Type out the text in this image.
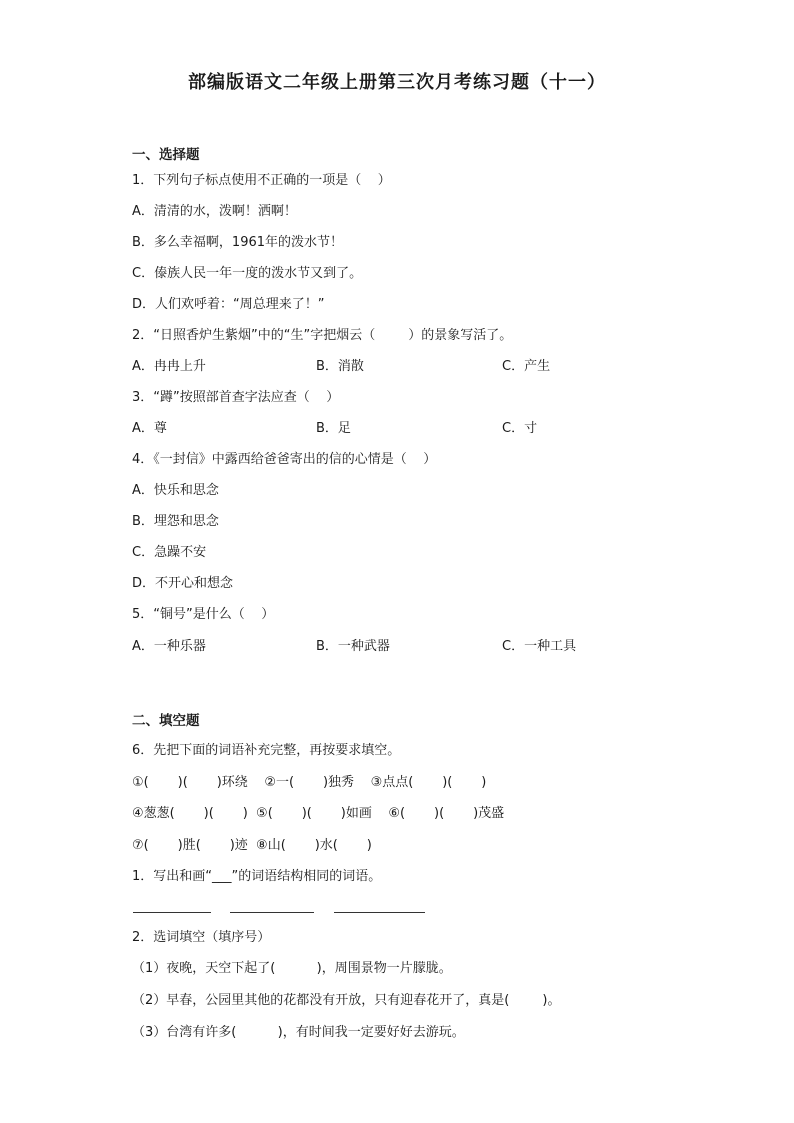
部编版语文二年级上册第三次月考练习题（十一）
一、选择题
1．下列句子标点使用不正确的一项是（    ）
A．清清的水，泼啊！洒啊！
B．多么幸福啊，1961年的泼水节！
C．傣族人民一年一度的泼水节又到了。
D．人们欢呼着：“周总理来了！”
2．“日照香炉生紫烟”中的“生”字把烟云（        ）的景象写活了。
A．冉冉上升	B．消散	C．产生
3．“蹲”按照部首查字法应查（    ）
A．尊	B．足	C．寸
4．《一封信》中露西给爸爸寄出的信的心情是（    ）
A．快乐和思念
B．埋怨和思念
C．急躁不安
D．不开心和想念
5．“铜号”是什么（    ）
A．一种乐器	B．一种武器	C．一种工具
二、填空题
6．先把下面的词语补充完整，再按要求填空。
①(       )(       )环绕    ②一(       )独秀    ③点点(       )(       )
④葱葱(       )(       )  ⑤(       )(       )如画    ⑥(       )(       )茂盛
⑦(       )胜(       )迹  ⑧山(       )水(       )
1．写出和画“___”的词语结构相同的词语。
2．选词填空（填序号）
（1）夜晚，天空下起了(          )，周围景物一片朦胧。
（2）早春，公园里其他的花都没有开放，只有迎春花开了，真是(        )。
（3）台湾有许多(          )，有时间我一定要好好去游玩。
